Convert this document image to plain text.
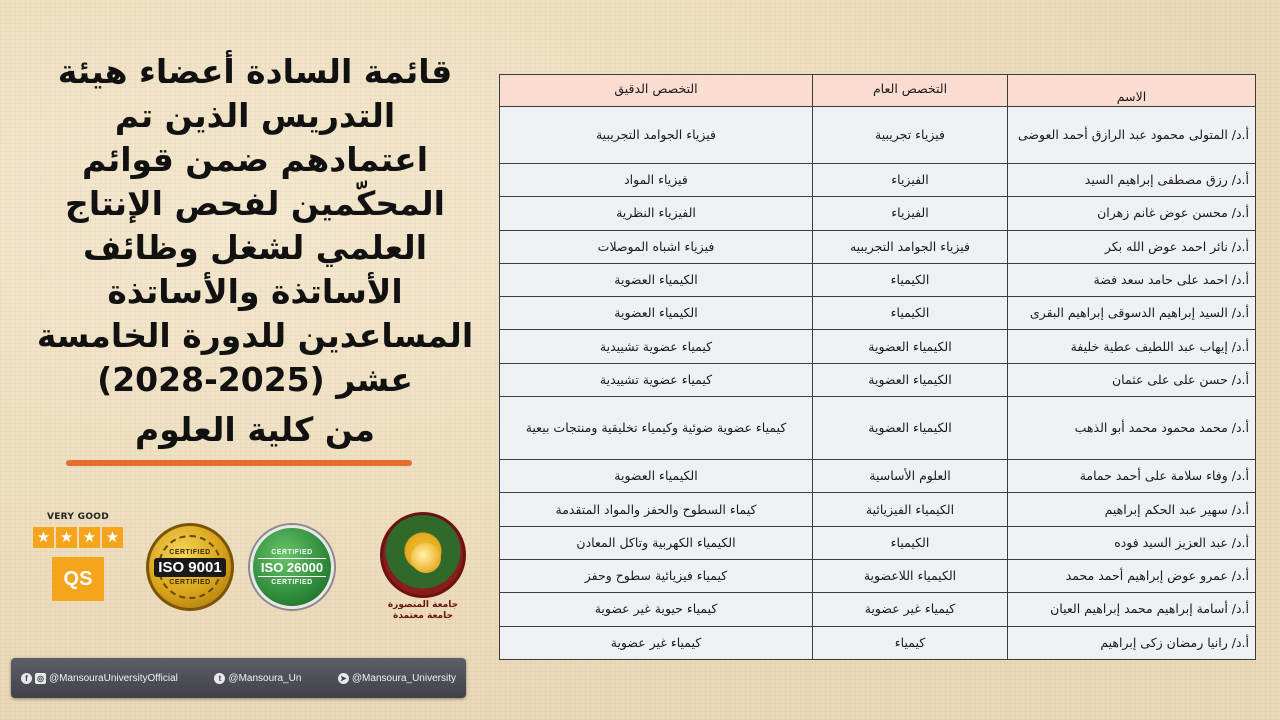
قائمة السادة أعضاء هيئة
التدريس الذين تم
اعتمادهم ضمن قوائم
المحكّمين لفحص الإنتاج
العلمي لشغل وظائف
الأساتذة والأساتذة
المساعدين للدورة الخامسة
عشر (2025-2028)
من كلية العلوم
VERY GOOD
★ ★ ★ ★
QS
CERTIFIED
ISO 9001
CERTIFIED
CERTIFIED
ISO 26000
CERTIFIED
جامعة المنصورة جامعة معتمدة
f	◎ @MansouraUniversityOfficial	t @Mansoura_Un	➤ @Mansoura_University
الاسم	التخصص العام	التخصص الدقيق
أ.د/ المتولى محمود عبد الرازق أحمد العوضى	فيزياء تجريبية	فيزياء الجوامد التجريبية
أ.د/ رزق مصطفى إبراهيم السيد	الفيزياء	فيزياء المواد
أ.د/ محسن عوض غانم زهران	الفيزياء	الفيزياء النظرية
أ.د/ نائر احمد عوض الله بكر	فيزياء الجوامد التجريبيه	فيزياء اشباه الموصلات
أ.د/ احمد على حامد سعد فضة	الكيمياء	الكيمياء العضوية
أ.د/ السيد إبراهيم الدسوقى إبراهيم البقرى	الكيمياء	الكيمياء العضوية
أ.د/ إيهاب عبد اللطيف عطية خليفة	الكيمياء العضوية	كيمياء عضوية تشييدية
أ.د/ حسن على على عثمان	الكيمياء العضوية	كيمياء عضوية تشييدية
أ.د/ محمد محمود محمد أبو الذهب	الكيمياء العضوية	كيمياء عضوية ضوئية وكيمياء تخليقية ومنتجات بيعية
أ.د/ وفاء سلامة على أحمد حمامة	العلوم الأساسية	الكيمياء العضوية
أ.د/ سهير عبد الحكم إبراهيم	الكيمياء الفيزيائية	كيماء السطوح والحفز والمواد المتقدمة
أ.د/ عبد العزيز السيد فوده	الكيمياء	الكيمياء الكهربية وتاكل المعادن
أ.د/ عمرو عوض إبراهيم أحمد محمد	الكيمياء اللاعضوية	كيمياء فيزيائية سطوح وحفز
أ.د/ أسامة إبراهيم محمد إبراهيم العيان	كيمياء غير عضوية	كيمياء حيوية غير عضوية
أ.د/ رانيا رمضان زكى إبراهيم	كيمياء	كيمياء غير عضوية
